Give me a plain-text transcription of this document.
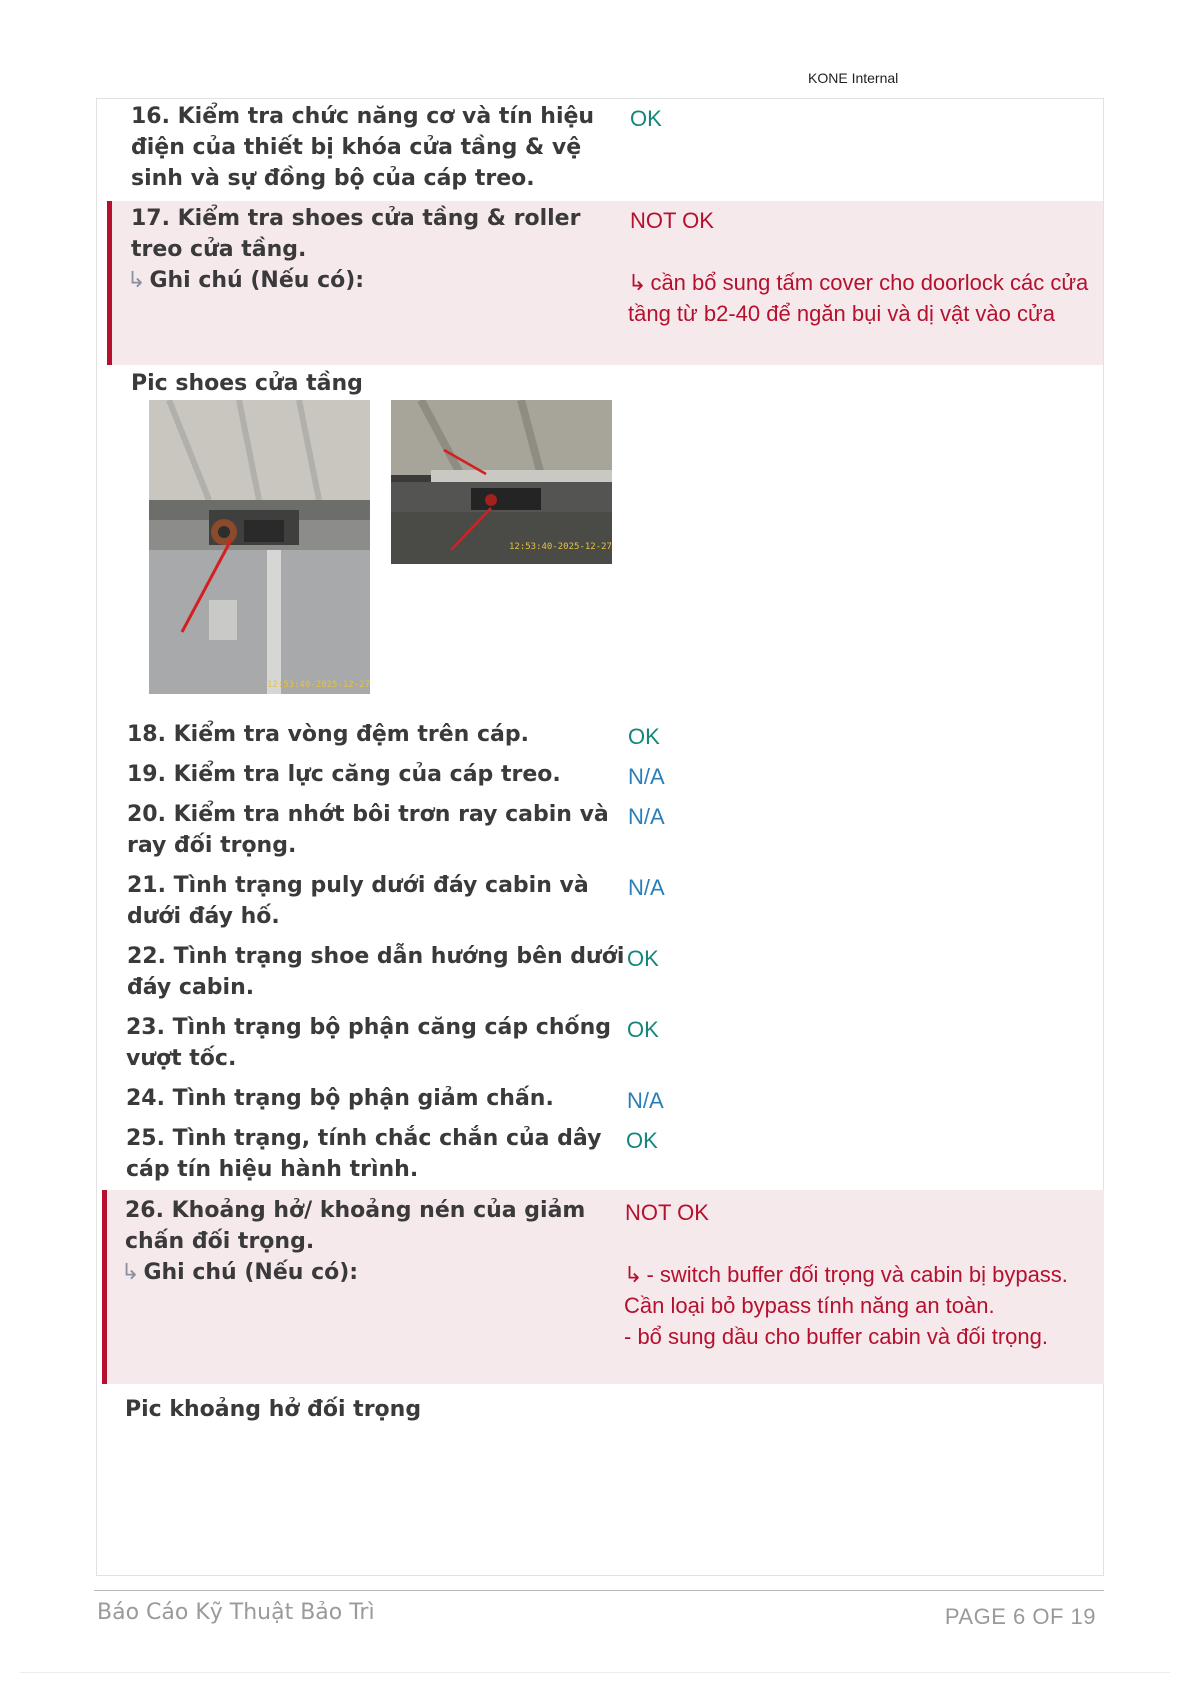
KONE Internal
16. Kiểm tra chức năng cơ và tín hiệu điện của thiết bị khóa cửa tầng & vệ sinh và sự đồng bộ của cáp treo.
OK
17. Kiểm tra shoes cửa tầng & roller treo cửa tầng.
NOT OK
↳ Ghi chú (Nếu có):	↳ cần bổ sung tấm cover cho doorlock các cửa tầng từ b2-40 để ngăn bụi và dị vật vào cửa
Pic shoes cửa tầng
12:53:40-2025-12-27
12:53:40-2025-12-27
18. Kiểm tra vòng đệm trên cáp.	OK
19. Kiểm tra lực căng của cáp treo.	N/A
20. Kiểm tra nhớt bôi trơn ray cabin và ray đối trọng.
N/A
21. Tình trạng puly dưới đáy cabin và dưới đáy hố.
N/A
22. Tình trạng shoe dẫn hướng bên dưới đáy cabin.
OK
23. Tình trạng bộ phận căng cáp chống vượt tốc.
OK
24. Tình trạng bộ phận giảm chấn.	N/A
25. Tình trạng, tính chắc chắn của dây cáp tín hiệu hành trình.
OK
26. Khoảng hở/ khoảng nén của giảm chấn đối trọng.
NOT OK
↳ Ghi chú (Nếu có):	↳ - switch buffer đối trọng và cabin bị bypass. Cần loại bỏ bypass tính năng an toàn.
- bổ sung dầu cho buffer cabin và đối trọng.
Pic khoảng hở đối trọng
Báo Cáo Kỹ Thuật Bảo Trì	PAGE 6 OF 19
